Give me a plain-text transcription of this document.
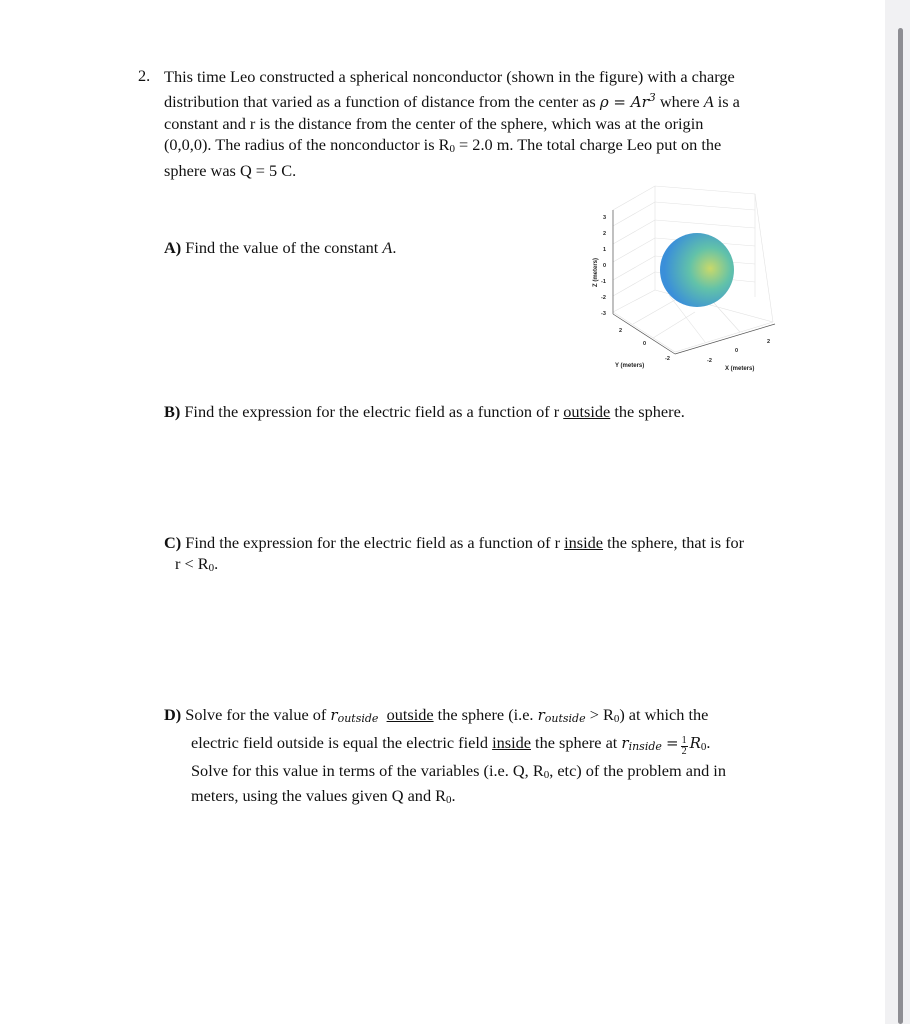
2. This time Leo constructed a spherical nonconductor (shown in the figure) with a charge
distribution that varied as a function of distance from the center as $\rho = Ar^3$ where A is a
constant and r is the distance from the center of the sphere, which was at the origin
(0,0,0). The radius of the nonconductor is $R_0 = 2.0$ m. The total charge Leo put on the
sphere was Q = 5 C.
3
2
1
0
-1
-2
-3
Z (meters)
2
0
-2
Y (meters)
-2
0
2
X (meters)
A) Find the value of the constant A.
B) Find the expression for the electric field as a function of r outside the sphere.
C) Find the expression for the electric field as a function of r inside the sphere, that is for
$r < R_0$.
D) Solve for the value of $r_{outside}$ outside the sphere (i.e. $r_{outside} > R_0$) at which the
electric field outside is equal the electric field inside the sphere at $r_{inside} = \frac{1}{2} R_0$.
Solve for this value in terms of the variables (i.e. Q, $R_0$, etc) of the problem and in
meters, using the values given Q and $R_0$.
